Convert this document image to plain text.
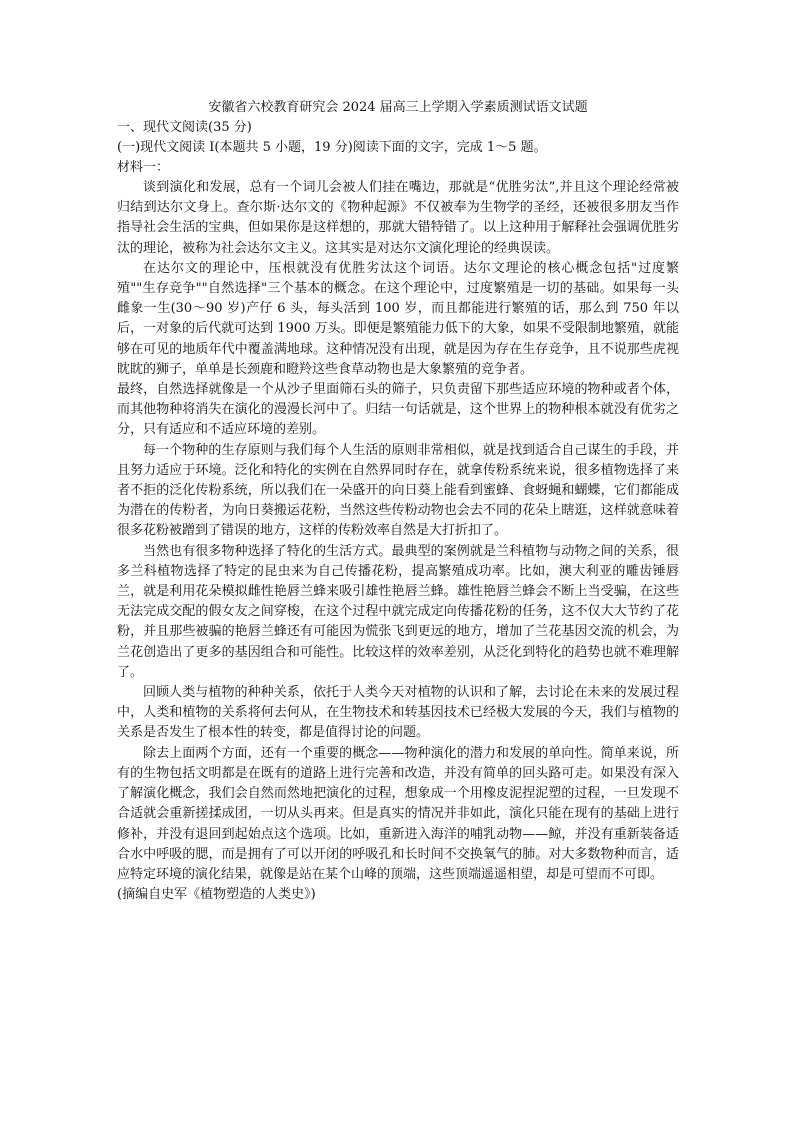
安徽省六校教育研究会 2024 届高三上学期入学素质测试语文试题

一、现代文阅读(35 分)

(一)现代文阅读 I(本题共 5 小题，19 分)阅读下面的文字，完成 1～5 题。

材料一：

谈到演化和发展，总有一个词儿会被人们挂在嘴边，那就是“优胜劣汰”,并且这个理论经常被归结到达尔文身上。查尔斯·达尔文的《物种起源》不仅被奉为生物学的圣经，还被很多朋友当作指导社会生活的宝典，但如果你是这样想的，那就大错特错了。以上这种用于解释社会强调优胜劣汰的理论，被称为社会达尔文主义。这其实是对达尔文演化理论的经典误读。

在达尔文的理论中，压根就没有优胜劣汰这个词语。达尔文理论的核心概念包括"过度繁殖""生存竞争""自然选择"三个基本的概念。在这个理论中，过度繁殖是一切的基础。如果每一头雌象一生(30～90 岁)产仔 6 头，每头活到 100 岁，而且都能进行繁殖的话，那么到 750 年以后，一对象的后代就可达到 1900 万头。即便是繁殖能力低下的大象，如果不受限制地繁殖，就能够在可见的地质年代中覆盖满地球。这种情况没有出现，就是因为存在生存竞争，且不说那些虎视眈眈的狮子，单单是长颈鹿和瞪羚这些食草动物也是大象繁殖的竞争者。

最终，自然选择就像是一个从沙子里面筛石头的筛子，只负责留下那些适应环境的物种或者个体，而其他物种将消失在演化的漫漫长河中了。归结一句话就是，这个世界上的物种根本就没有优劣之分，只有适应和不适应环境的差别。

每一个物种的生存原则与我们每个人生活的原则非常相似，就是找到适合自己谋生的手段，并且努力适应于环境。泛化和特化的实例在自然界同时存在，就拿传粉系统来说，很多植物选择了来者不拒的泛化传粉系统，所以我们在一朵盛开的向日葵上能看到蜜蜂、食蚜蝇和蝴蝶，它们都能成为潜在的传粉者，为向日葵搬运花粉，当然这些传粉动物也会去不同的花朵上瞎逛，这样就意味着很多花粉被蹭到了错误的地方，这样的传粉效率自然是大打折扣了。

当然也有很多物种选择了特化的生活方式。最典型的案例就是兰科植物与动物之间的关系，很多兰科植物选择了特定的昆虫来为自己传播花粉，提高繁殖成功率。比如，澳大利亚的雕齿锤唇兰，就是利用花朵模拟雌性艳唇兰蜂来吸引雄性艳唇兰蜂。雄性艳唇兰蜂会不断上当受骗，在这些无法完成交配的假女友之间穿梭，在这个过程中就完成定向传播花粉的任务，这不仅大大节约了花粉，并且那些被骗的艳唇兰蜂还有可能因为慌张飞到更远的地方，增加了兰花基因交流的机会，为兰花创造出了更多的基因组合和可能性。比较这样的效率差别，从泛化到特化的趋势也就不难理解了。

回顾人类与植物的种种关系，依托于人类今天对植物的认识和了解，去讨论在未来的发展过程中，人类和植物的关系将何去何从，在生物技术和转基因技术已经极大发展的今天，我们与植物的关系是否发生了根本性的转变，都是值得讨论的问题。

除去上面两个方面，还有一个重要的概念——物种演化的潜力和发展的单向性。简单来说，所有的生物包括文明都是在既有的道路上进行完善和改造，并没有简单的回头路可走。如果没有深入了解演化概念，我们会自然而然地把演化的过程，想象成一个用橡皮泥捏泥塑的过程，一旦发现不合适就会重新搓揉成团，一切从头再来。但是真实的情况并非如此，演化只能在现有的基础上进行修补，并没有退回到起始点这个选项。比如，重新进入海洋的哺乳动物——鲸，并没有重新装备适合水中呼吸的腮，而是拥有了可以开闭的呼吸孔和长时间不交换氧气的肺。对大多数物种而言，适应特定环境的演化结果，就像是站在某个山峰的顶端，这些顶端遥遥相望，却是可望而不可即。

(摘编自史军《植物塑造的人类史》)
